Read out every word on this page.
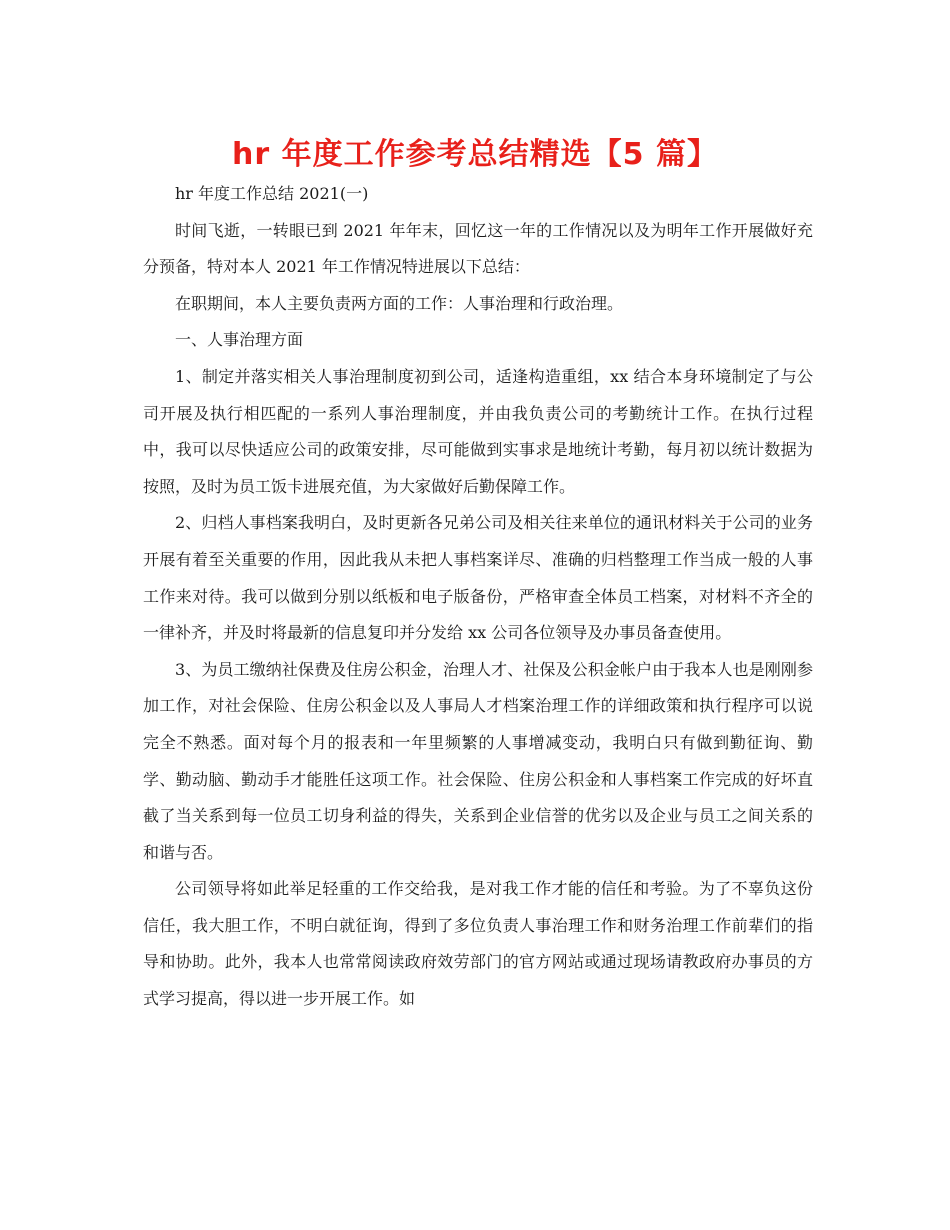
hr 年度工作参考总结精选【5 篇】

hr 年度工作总结 2021(一)

时间飞逝，一转眼已到 2021 年年末，回忆这一年的工作情况以及为明年工作开展做好充分预备，特对本人 2021 年工作情况特进展以下总结：

在职期间，本人主要负责两方面的工作：人事治理和行政治理。

一、人事治理方面

1、制定并落实相关人事治理制度初到公司，适逢构造重组，xx 结合本身环境制定了与公司开展及执行相匹配的一系列人事治理制度，并由我负责公司的考勤统计工作。在执行过程中，我可以尽快适应公司的政策安排，尽可能做到实事求是地统计考勤，每月初以统计数据为按照，及时为员工饭卡进展充值，为大家做好后勤保障工作。

2、归档人事档案我明白，及时更新各兄弟公司及相关往来单位的通讯材料关于公司的业务开展有着至关重要的作用，因此我从未把人事档案详尽、准确的归档整理工作当成一般的人事工作来对待。我可以做到分别以纸板和电子版备份，严格审查全体员工档案，对材料不齐全的一律补齐，并及时将最新的信息复印并分发给 xx 公司各位领导及办事员备查使用。

3、为员工缴纳社保费及住房公积金，治理人才、社保及公积金帐户由于我本人也是刚刚参加工作，对社会保险、住房公积金以及人事局人才档案治理工作的详细政策和执行程序可以说完全不熟悉。面对每个月的报表和一年里频繁的人事增减变动，我明白只有做到勤征询、勤学、勤动脑、勤动手才能胜任这项工作。社会保险、住房公积金和人事档案工作完成的好坏直截了当关系到每一位员工切身利益的得失，关系到企业信誉的优劣以及企业与员工之间关系的和谐与否。

公司领导将如此举足轻重的工作交给我，是对我工作才能的信任和考验。为了不辜负这份信任，我大胆工作，不明白就征询，得到了多位负责人事治理工作和财务治理工作前辈们的指导和协助。此外，我本人也常常阅读政府效劳部门的官方网站或通过现场请教政府办事员的方式学习提高，得以进一步开展工作。如
